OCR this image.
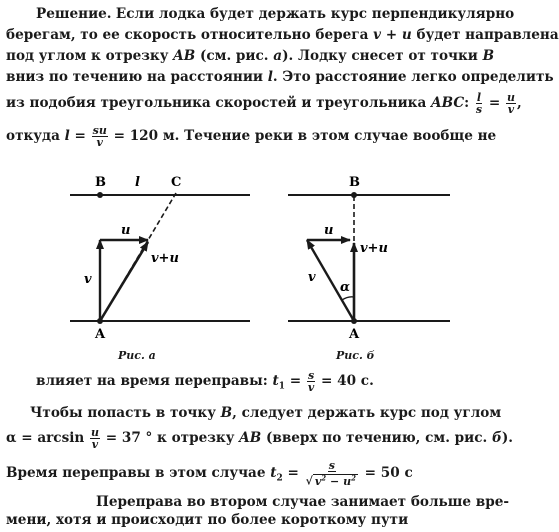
Решение. Если лодка будет держать курс перпендикулярно
берегам, то ее скорость относительно берега v + u будет направлена
под углом к отрезку AB (см. рис. а). Лодку снесет от точки B
вниз по течению на расстоянии l. Это расстояние легко определить
из подобия треугольника скоростей и треугольника ABC: $\frac{l}{s} = \frac{u}{v}$ ,
откуда $l = \frac{su}{v} = 120$ м. Течение реки в этом случае вообще не
B l C
u
v
v+u
A
Рис. а
B
u
v
v+u
α
A
Рис. б
влияет на время переправы: $t_1 = \frac{s}{v} = 40$ с.
Чтобы попасть в точку B, следует держать курс под углом
$\alpha = \arcsin \frac{u}{v} = 37$ ° к отрезку AB (вверх по течению, см. рис. б).
Время переправы в этом случае $t_2 = \frac{s}{√ v^2 - u^2} = 50$ с
Переправа во втором случае занимает больше вре-
мени, хотя и происходит по более короткому пути
